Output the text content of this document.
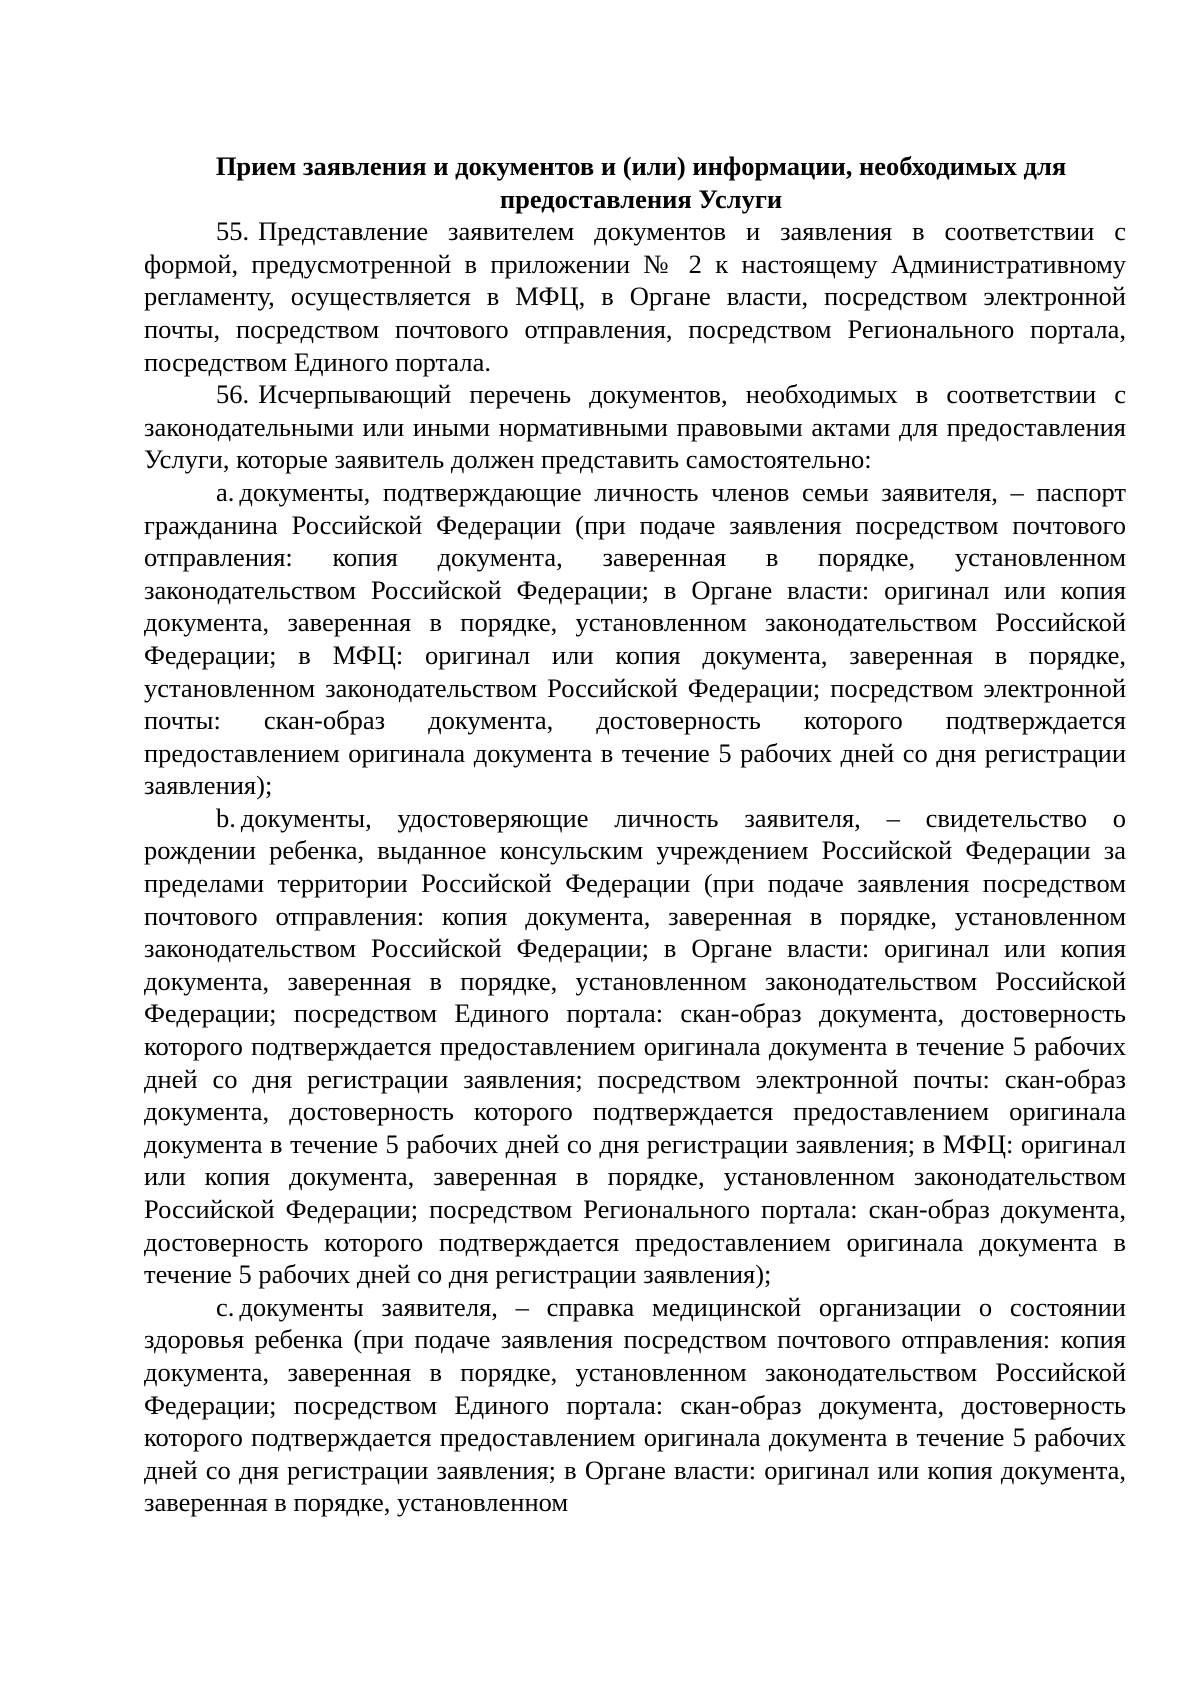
Прием заявления и документов и (или) информации, необходимых для
предоставления Услуги

55. Представление заявителем документов и заявления в соответствии с формой, предусмотренной в приложении № 2 к настоящему Административному регламенту, осуществляется в МФЦ, в Органе власти, посредством электронной почты, посредством почтового отправления, посредством Регионального портала, посредством Единого портала.

56. Исчерпывающий перечень документов, необходимых в соответствии с законодательными или иными нормативными правовыми актами для предоставления Услуги, которые заявитель должен представить самостоятельно:

a. документы, подтверждающие личность членов семьи заявителя, – паспорт гражданина Российской Федерации (при подаче заявления посредством почтового отправления: копия документа, заверенная в порядке, установленном законодательством Российской Федерации; в Органе власти: оригинал или копия документа, заверенная в порядке, установленном законодательством Российской Федерации; в МФЦ: оригинал или копия документа, заверенная в порядке, установленном законодательством Российской Федерации; посредством электронной почты: скан-образ документа, достоверность которого подтверждается предоставлением оригинала документа в течение 5 рабочих дней со дня регистрации заявления);

b. документы, удостоверяющие личность заявителя, – свидетельство о рождении ребенка, выданное консульским учреждением Российской Федерации за пределами территории Российской Федерации (при подаче заявления посредством почтового отправления: копия документа, заверенная в порядке, установленном законодательством Российской Федерации; в Органе власти: оригинал или копия документа, заверенная в порядке, установленном законодательством Российской Федерации; посредством Единого портала: скан-образ документа, достоверность которого подтверждается предоставлением оригинала документа в течение 5 рабочих дней со дня регистрации заявления; посредством электронной почты: скан-образ документа, достоверность которого подтверждается предоставлением оригинала документа в течение 5 рабочих дней со дня регистрации заявления; в МФЦ: оригинал или копия документа, заверенная в порядке, установленном законодательством Российской Федерации; посредством Регионального портала: скан-образ документа, достоверность которого подтверждается предоставлением оригинала документа в течение 5 рабочих дней со дня регистрации заявления);

c. документы заявителя, – справка медицинской организации о состоянии здоровья ребенка (при подаче заявления посредством почтового отправления: копия документа, заверенная в порядке, установленном законодательством Российской Федерации; посредством Единого портала: скан-образ документа, достоверность которого подтверждается предоставлением оригинала документа в течение 5 рабочих дней со дня регистрации заявления; в Органе власти: оригинал или копия документа, заверенная в порядке, установленном
